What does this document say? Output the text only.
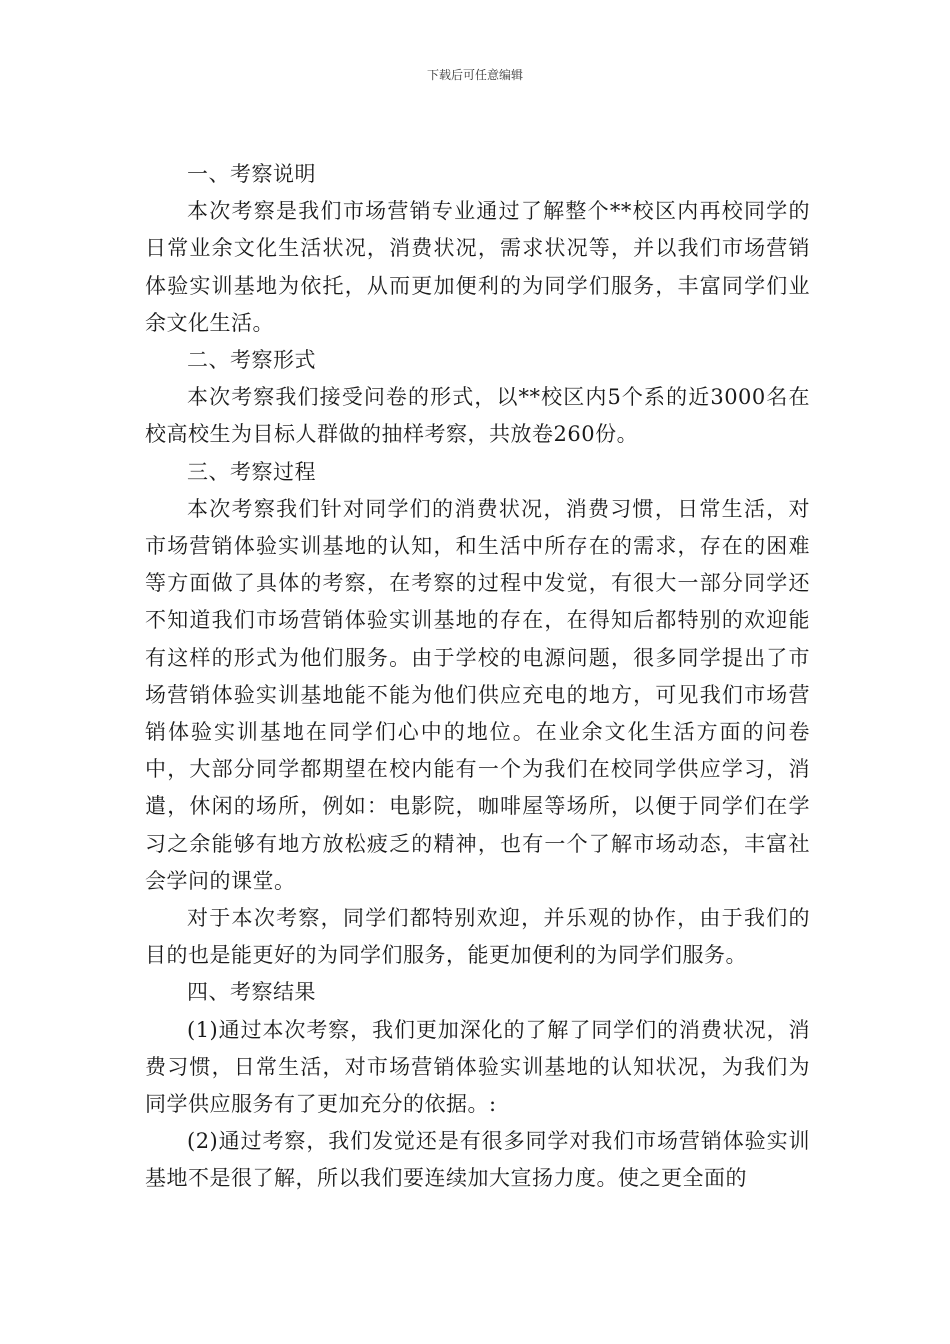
下载后可任意编辑

一、考察说明

本次考察是我们市场营销专业通过了解整个**校区内再校同学的日常业余文化生活状况，消费状况，需求状况等，并以我们市场营销体验实训基地为依托，从而更加便利的为同学们服务，丰富同学们业余文化生活。

二、考察形式

本次考察我们接受问卷的形式，以**校区内5个系的近3000名在校高校生为目标人群做的抽样考察，共放卷260份。

三、考察过程

本次考察我们针对同学们的消费状况，消费习惯，日常生活，对市场营销体验实训基地的认知，和生活中所存在的需求，存在的困难等方面做了具体的考察，在考察的过程中发觉，有很大一部分同学还不知道我们市场营销体验实训基地的存在，在得知后都特别的欢迎能有这样的形式为他们服务。由于学校的电源问题，很多同学提出了市场营销体验实训基地能不能为他们供应充电的地方，可见我们市场营销体验实训基地在同学们心中的地位。在业余文化生活方面的问卷中，大部分同学都期望在校内能有一个为我们在校同学供应学习，消遣，休闲的场所，例如：电影院，咖啡屋等场所，以便于同学们在学习之余能够有地方放松疲乏的精神，也有一个了解市场动态，丰富社会学问的课堂。

对于本次考察，同学们都特别欢迎，并乐观的协作，由于我们的目的也是能更好的为同学们服务，能更加便利的为同学们服务。

四、考察结果

(1)通过本次考察，我们更加深化的了解了同学们的消费状况，消费习惯，日常生活，对市场营销体验实训基地的认知状况，为我们为同学供应服务有了更加充分的依据。:

(2)通过考察，我们发觉还是有很多同学对我们市场营销体验实训基地不是很了解，所以我们要连续加大宣扬力度。使之更全面的
